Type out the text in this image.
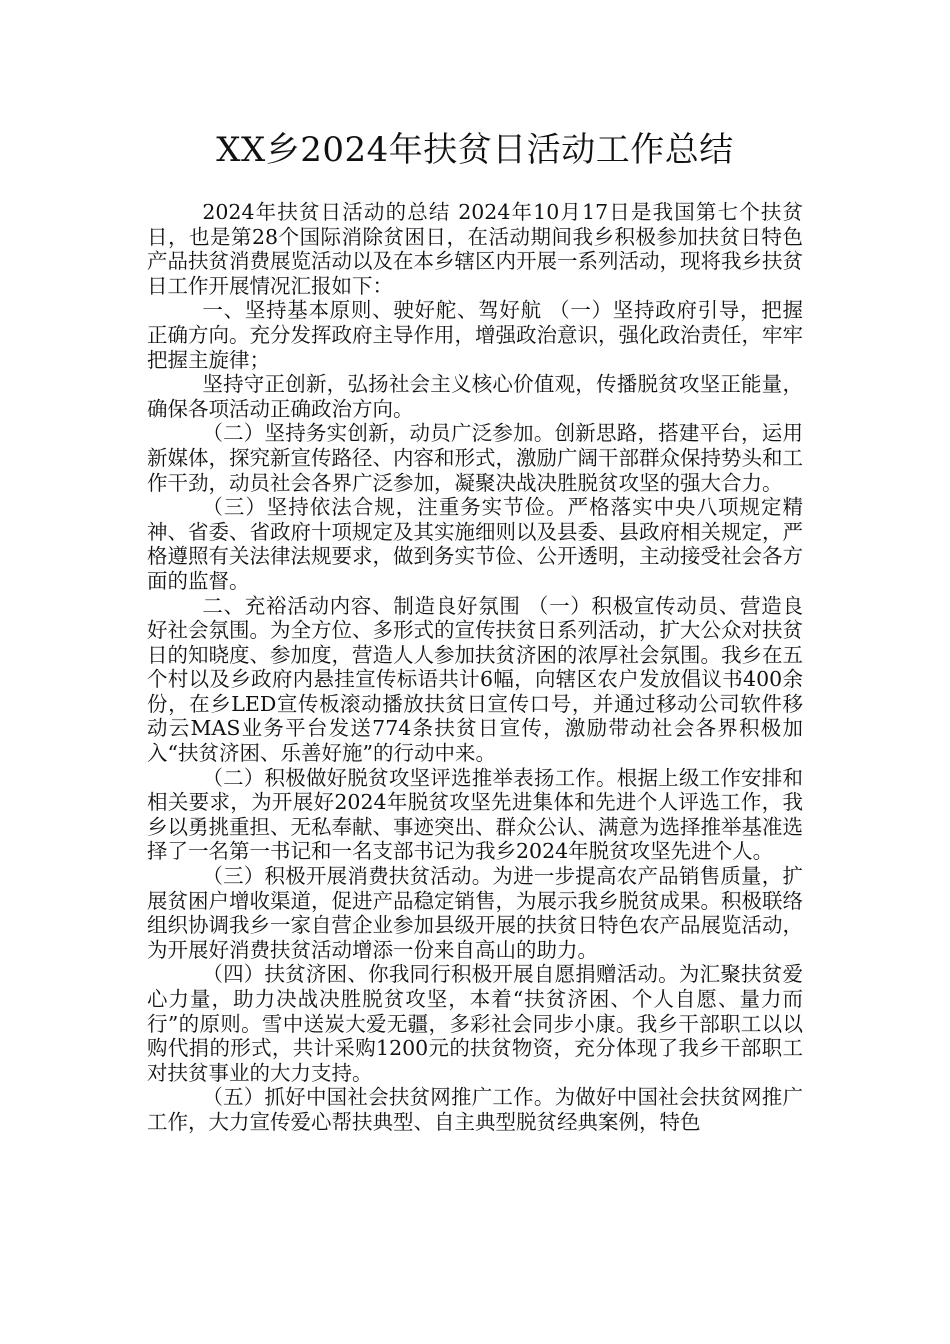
XX乡2024年扶贫日活动工作总结

2024年扶贫日活动的总结 2024年10月17日是我国第七个扶贫日，也是第28个国际消除贫困日，在活动期间我乡积极参加扶贫日特色产品扶贫消费展览活动以及在本乡辖区内开展一系列活动，现将我乡扶贫日工作开展情况汇报如下：

一、坚持基本原则、驶好舵、驾好航 （一）坚持政府引导，把握正确方向。充分发挥政府主导作用，增强政治意识，强化政治责任，牢牢把握主旋律；

坚持守正创新，弘扬社会主义核心价值观，传播脱贫攻坚正能量，确保各项活动正确政治方向。

（二）坚持务实创新，动员广泛参加。创新思路，搭建平台，运用新媒体，探究新宣传路径、内容和形式，激励广阔干部群众保持势头和工作干劲，动员社会各界广泛参加，凝聚决战决胜脱贫攻坚的强大合力。

（三）坚持依法合规，注重务实节俭。严格落实中央八项规定精神、省委、省政府十项规定及其实施细则以及县委、县政府相关规定，严格遵照有关法律法规要求，做到务实节俭、公开透明，主动接受社会各方面的监督。

二、充裕活动内容、制造良好氛围 （一）积极宣传动员、营造良好社会氛围。为全方位、多形式的宣传扶贫日系列活动，扩大公众对扶贫日的知晓度、参加度，营造人人参加扶贫济困的浓厚社会氛围。我乡在五个村以及乡政府内悬挂宣传标语共计6幅，向辖区农户发放倡议书400余份，在乡LED宣传板滚动播放扶贫日宣传口号，并通过移动公司软件移动云MAS业务平台发送774条扶贫日宣传，激励带动社会各界积极加入“扶贫济困、乐善好施”的行动中来。

（二）积极做好脱贫攻坚评选推举表扬工作。根据上级工作安排和相关要求，为开展好2024年脱贫攻坚先进集体和先进个人评选工作，我乡以勇挑重担、无私奉献、事迹突出、群众公认、满意为选择推举基准选择了一名第一书记和一名支部书记为我乡2024年脱贫攻坚先进个人。

（三）积极开展消费扶贫活动。为进一步提高农产品销售质量，扩展贫困户增收渠道，促进产品稳定销售，为展示我乡脱贫成果。积极联络组织协调我乡一家自营企业参加县级开展的扶贫日特色农产品展览活动，为开展好消费扶贫活动增添一份来自高山的助力。

（四）扶贫济困、你我同行积极开展自愿捐赠活动。为汇聚扶贫爱心力量，助力决战决胜脱贫攻坚，本着“扶贫济困、个人自愿、量力而行”的原则。雪中送炭大爱无疆，多彩社会同步小康。我乡干部职工以以购代捐的形式，共计采购1200元的扶贫物资，充分体现了我乡干部职工对扶贫事业的大力支持。

（五）抓好中国社会扶贫网推广工作。为做好中国社会扶贫网推广工作，大力宣传爱心帮扶典型、自主典型脱贫经典案例，特色
